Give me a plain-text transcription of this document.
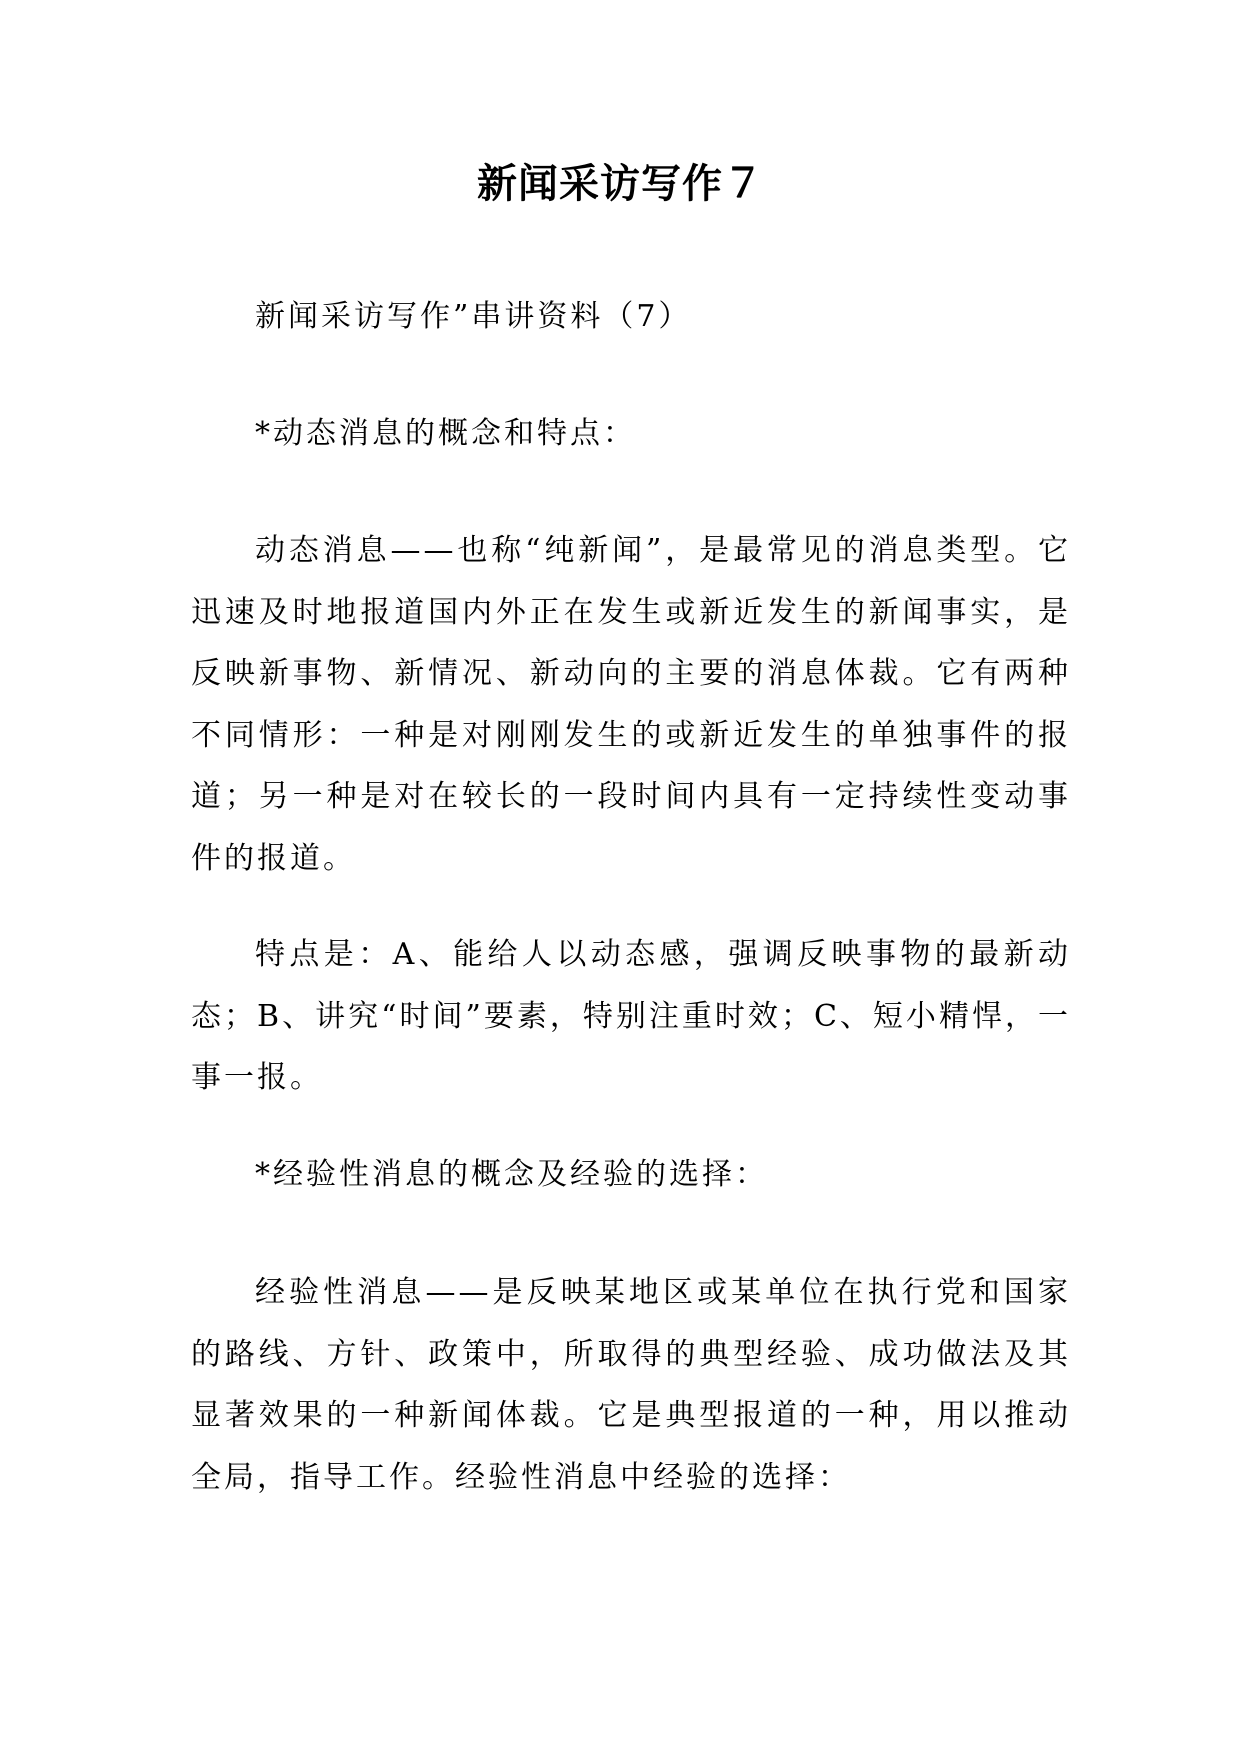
新闻采访写作７

新闻采访写作”串讲资料（7）

*动态消息的概念和特点：

动态消息——也称“纯新闻”，是最常见的消息类型。它迅速及时地报道国内外正在发生或新近发生的新闻事实，是反映新事物、新情况、新动向的主要的消息体裁。它有两种不同情形：一种是对刚刚发生的或新近发生的单独事件的报道；另一种是对在较长的一段时间内具有一定持续性变动事件的报道。

特点是：A、能给人以动态感，强调反映事物的最新动态；B、讲究“时间”要素，特别注重时效；C、短小精悍，一事一报。

*经验性消息的概念及经验的选择：

经验性消息——是反映某地区或某单位在执行党和国家的路线、方针、政策中，所取得的典型经验、成功做法及其显著效果的一种新闻体裁。它是典型报道的一种，用以推动全局，指导工作。经验性消息中经验的选择：
